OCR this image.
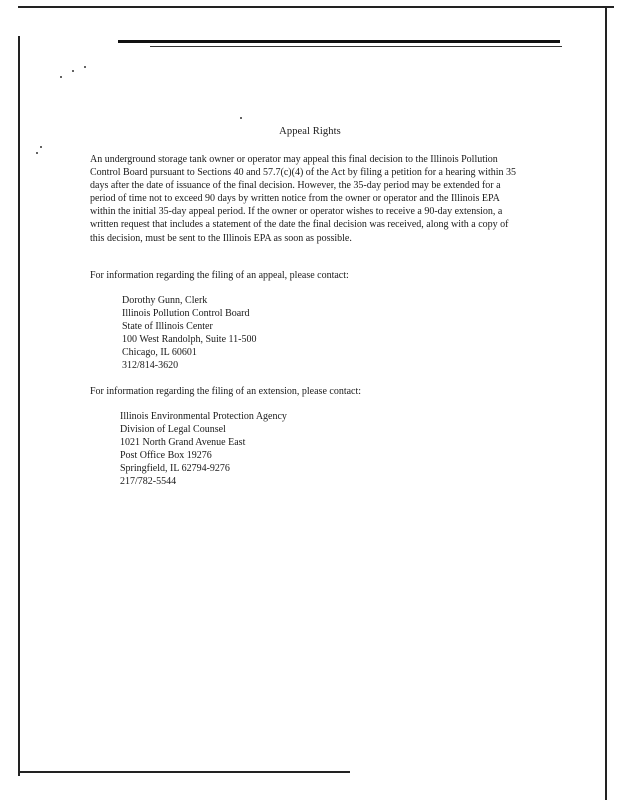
Appeal Rights

An underground storage tank owner or operator may appeal this final decision to the Illinois Pollution Control Board pursuant to Sections 40 and 57.7(c)(4) of the Act by filing a petition for a hearing within 35 days after the date of issuance of the final decision. However, the 35-day period may be extended for a period of time not to exceed 90 days by written notice from the owner or operator and the Illinois EPA within the initial 35-day appeal period. If the owner or operator wishes to receive a 90-day extension, a written request that includes a statement of the date the final decision was received, along with a copy of this decision, must be sent to the Illinois EPA as soon as possible.

For information regarding the filing of an appeal, please contact:

Dorothy Gunn, Clerk
Illinois Pollution Control Board
State of Illinois Center
100 West Randolph, Suite 11-500
Chicago, IL 60601
312/814-3620

For information regarding the filing of an extension, please contact:

Illinois Environmental Protection Agency
Division of Legal Counsel
1021 North Grand Avenue East
Post Office Box 19276
Springfield, IL 62794-9276
217/782-5544
